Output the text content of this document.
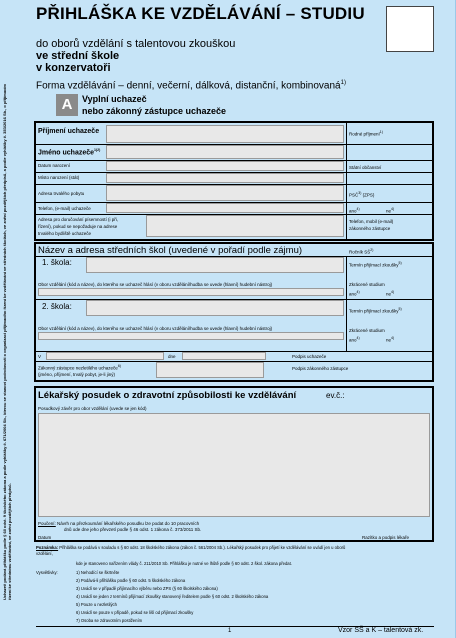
Uchazeč podává přihlášku podle § 60 odst. 9 školského zákona a podle vyhlášky č. 671/2004 Sb., kterou se stanoví podrobnosti o organizaci přijímacího řízení ke vzdělávání ve středních školách, ve znění pozdějších předpisů, a podle vyhlášky č. 353/2016 Sb., o přijímacím řízení ke střednímu vzdělávání, ve znění pozdějších předpisů.
PŘIHLÁŠKA KE VZDĚLÁVÁNÍ – STUDIU
do oborů vzdělání s talentovou zkouškou
ve střední škole
v konzervatoři
Forma vzdělávání – denní, večerní, dálková, distanční, kombinovaná$^{1)}$
A	Vyplní uchazeč
nebo zákonný zástupce uchazeče
Příjmení uchazeče	Rodné příjmení$^{1)}$
Jméno uchazeče$^{1)2)}$
Datum narození	Státní občanství
Místo narození (stát)
Adresa trvalého pobytu	PSČ$^{3)}$ (ZPS)
Telefon, (e-mail) uchazeče	ano$^{4)}$	$ne^{4)}$
Adresa pro doručování písemností (i při,
řízení), pokud se nepožaduje na adrese
trvalého bydliště uchazeče
Telefon, mobil (e-mail)
zákonného zástupce
Název a adresa středních škol (uvedené v pořadí podle zájmu)	Ročník SŠ$^{2)}$
1. škola:	Termín přijímací zkoušky$^{5)}$
Obor vzdělání (kód a název), do kterého se uchazeč hlásí (v oboru vzdělání/hudba se uvede (hlavní) hudební nástroj)	Zkrácené studium
ano$^{4)}$	$ne^{4)}$
2. škola:	Termín přijímací zkoušky$^{5)}$
Obor vzdělání (kód a název), do kterého se uchazeč hlásí (v oboru vzdělání/hudba se uvede (hlavní) hudební nástroj)	Zkrácené studium
ano$^{4)}$	$ne^{4)}$
V	dne	Podpis uchazeče
Zákonný zástupce nezletilého uchazeče$^{6)}$
(jméno, příjmení, trvalý pobyt, je-li jiný)
Podpis zákonného zástupce
Lékařský posudek o zdravotní způsobilosti ke vzdělávání	ev.č.:
Posudkový závěr pro obor vzdělání (uvede se jen kód)
Poučení: Návrh na přezkoumání lékařského posudku lze podat do 10 pracovních
dnů ode dne jeho převzetí podle § 46 odst. 1 zákona č. 373/2011 Sb.
Datum	Razítko a podpis lékaře
Poznámka: Přihláška se podává v souladu s § 60 odst. 18 školského zákona (zákon č. 561/2004 Sb.). Lékařský posudek pro přijetí ke vzdělávání se uvádí jen u oborů
vzdělání,
kde je stanoveno nařízením vlády č. 211/2010 Sb. Přihlášku je nutné ve lhůtě podle § 60 odst. 2 škol. zákona předat.
Vysvětlivky:	1) Nehodící se škrtněte
2) Podává-li přihlášku podle § 60 odst. 5 školského zákona
3) Uvádí se v případě přijímacího výběru nebo ZPS (§ 60 školského zákona)
4) Uvádí se jeden z termínů přijímací zkoušky stanovený ředitelem podle § 60 odst. 2 školského zákona
5) Pouze u nezletilých
6) Uvádí se pouze v případě, pokud se liší od přijímací zkoušky
7) Osoba se zdravotním postižením
1	Vzor SŠ a K – talentová zk.
